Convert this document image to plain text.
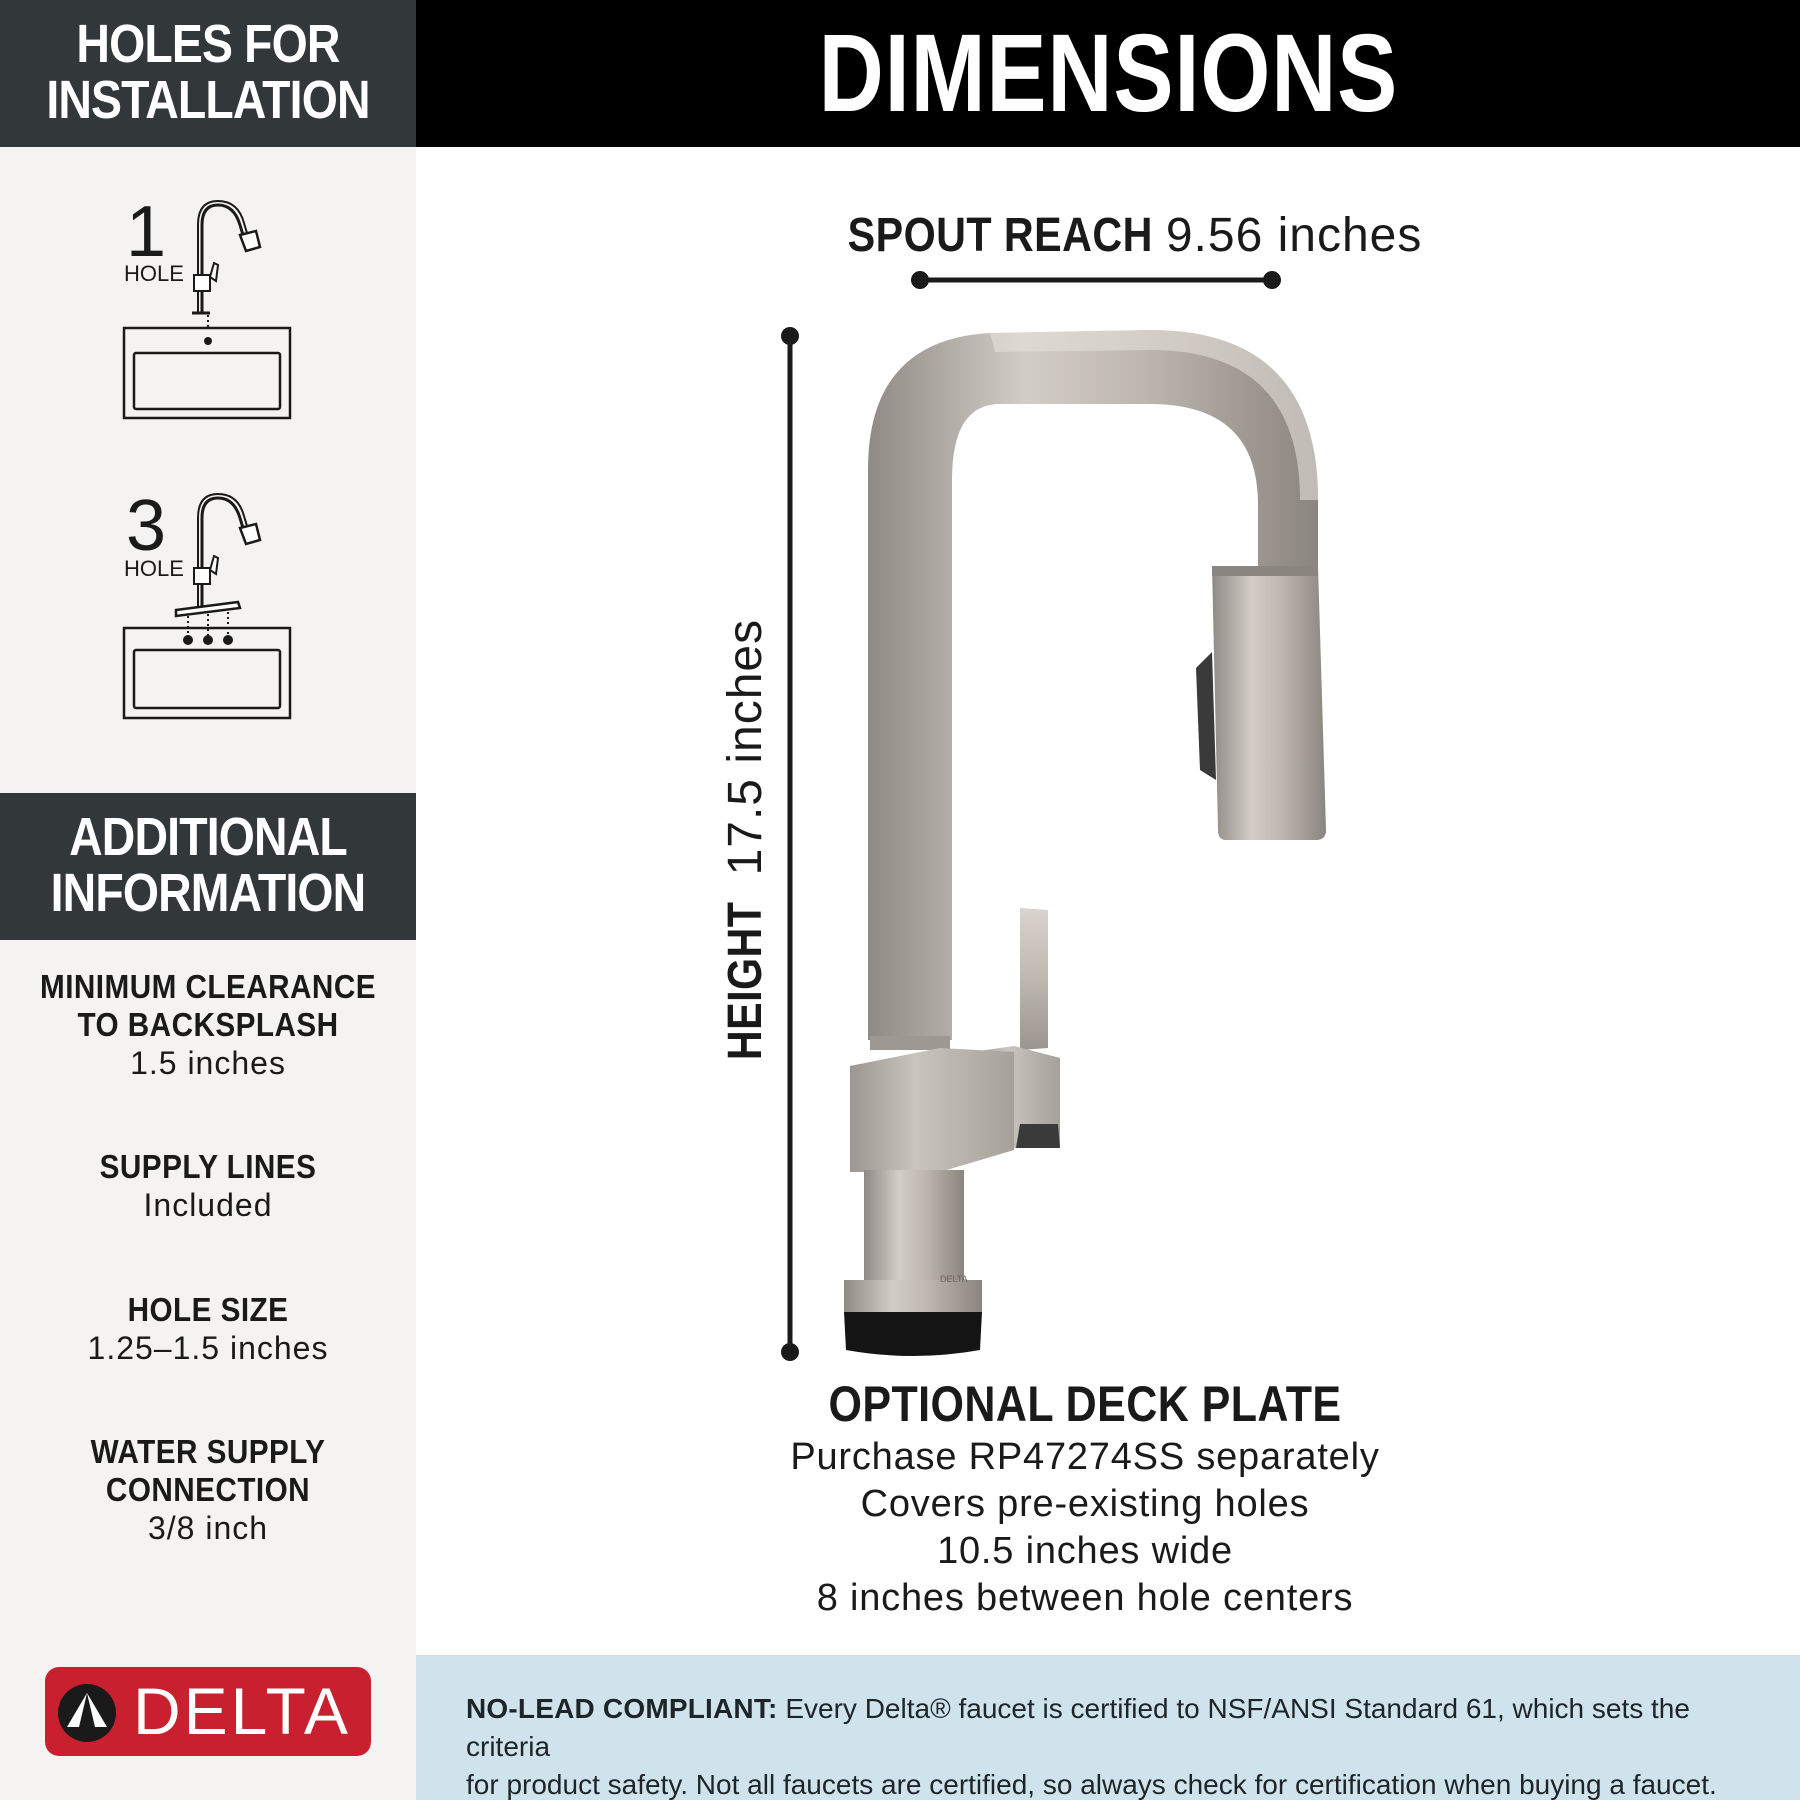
HOLES FOR
INSTALLATION
1
HOLE
3
HOLE
ADDITIONAL
INFORMATION
MINIMUM CLEARANCE
TO BACKSPLASH
1.5 inches
SUPPLY LINES
Included
HOLE SIZE
1.25–1.5 inches
WATER SUPPLY
CONNECTION
3/8 inch
DELTA
DIMENSIONS
SPOUT REACH 9.56 inches
HEIGHT 17.5 inches
DELTA
OPTIONAL DECK PLATE
Purchase RP47274SS separately
Covers pre-existing holes
10.5 inches wide
8 inches between hole centers
NO-LEAD COMPLIANT: Every Delta® faucet is certified to NSF/ANSI Standard 61, which sets the criteria
for product safety. Not all faucets are certified, so always check for certification when buying a faucet.
